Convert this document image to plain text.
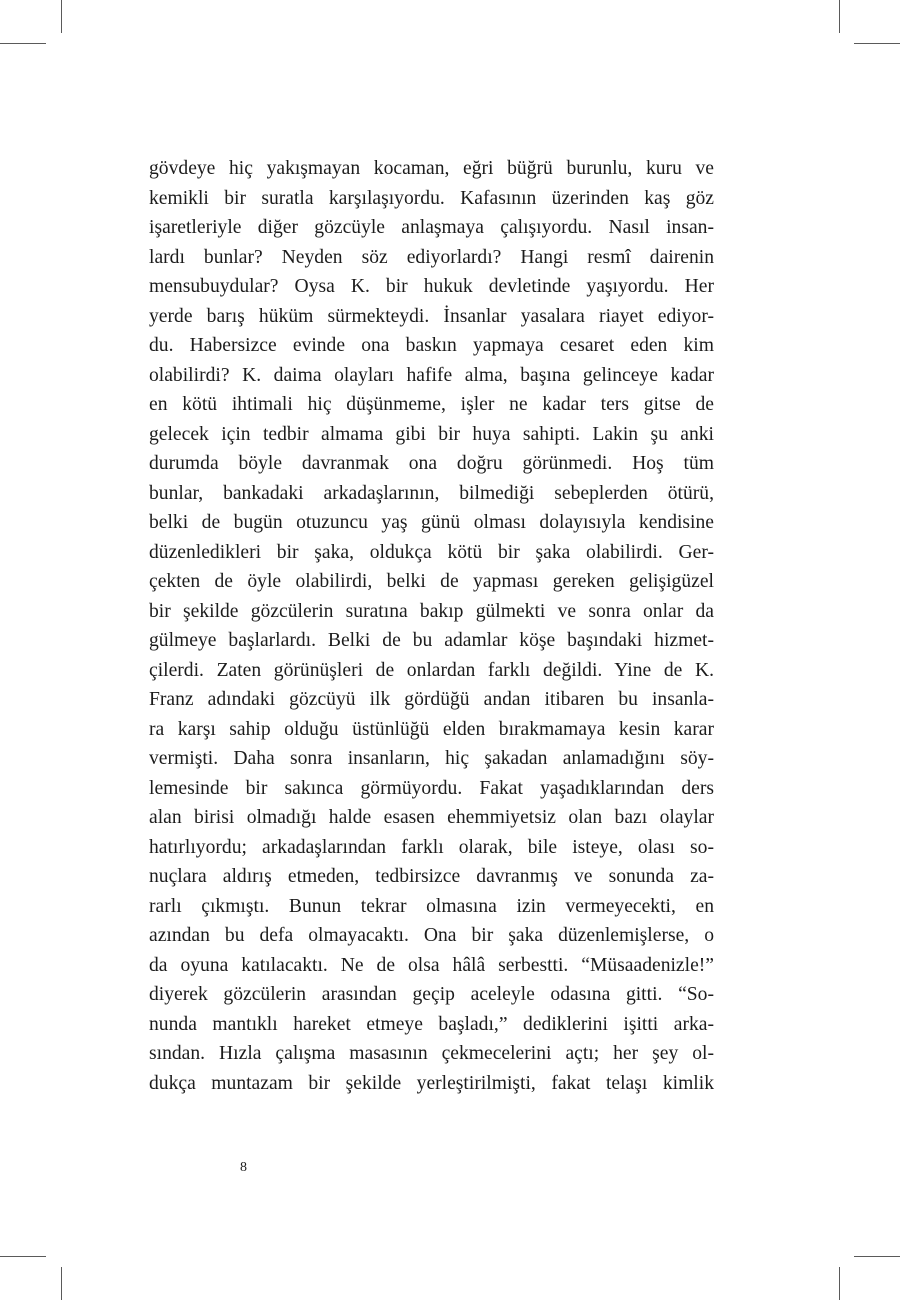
gövdeye hiç yakışmayan kocaman, eğri büğrü burunlu, kuru ve
kemikli bir suratla karşılaşıyordu. Kafasının üzerinden kaş göz
işaretleriyle diğer gözcüyle anlaşmaya çalışıyordu. Nasıl insan-
lardı bunlar? Neyden söz ediyorlardı? Hangi resmî dairenin
mensubuydular? Oysa K. bir hukuk devletinde yaşıyordu. Her
yerde barış hüküm sürmekteydi. İnsanlar yasalara riayet ediyor-
du. Habersizce evinde ona baskın yapmaya cesaret eden kim
olabilirdi? K. daima olayları hafife alma, başına gelinceye kadar
en kötü ihtimali hiç düşünmeme, işler ne kadar ters gitse de
gelecek için tedbir almama gibi bir huya sahipti. Lakin şu anki
durumda böyle davranmak ona doğru görünmedi. Hoş tüm
bunlar, bankadaki arkadaşlarının, bilmediği sebeplerden ötürü,
belki de bugün otuzuncu yaş günü olması dolayısıyla kendisine
düzenledikleri bir şaka, oldukça kötü bir şaka olabilirdi. Ger-
çekten de öyle olabilirdi, belki de yapması gereken gelişigüzel
bir şekilde gözcülerin suratına bakıp gülmekti ve sonra onlar da
gülmeye başlarlardı. Belki de bu adamlar köşe başındaki hizmet-
çilerdi. Zaten görünüşleri de onlardan farklı değildi. Yine de K.
Franz adındaki gözcüyü ilk gördüğü andan itibaren bu insanla-
ra karşı sahip olduğu üstünlüğü elden bırakmamaya kesin karar
vermişti. Daha sonra insanların, hiç şakadan anlamadığını söy-
lemesinde bir sakınca görmüyordu. Fakat yaşadıklarından ders
alan birisi olmadığı halde esasen ehemmiyetsiz olan bazı olaylar
hatırlıyordu; arkadaşlarından farklı olarak, bile isteye, olası so-
nuçlara aldırış etmeden, tedbirsizce davranmış ve sonunda za-
rarlı çıkmıştı. Bunun tekrar olmasına izin vermeyecekti, en
azından bu defa olmayacaktı. Ona bir şaka düzenlemişlerse, o
da oyuna katılacaktı. Ne de olsa hâlâ serbestti. “Müsaadenizle!”
diyerek gözcülerin arasından geçip aceleyle odasına gitti. “So-
nunda mantıklı hareket etmeye başladı,” dediklerini işitti arka-
sından. Hızla çalışma masasının çekmecelerini açtı; her şey ol-
dukça muntazam bir şekilde yerleştirilmişti, fakat telaşı kimlik
8
